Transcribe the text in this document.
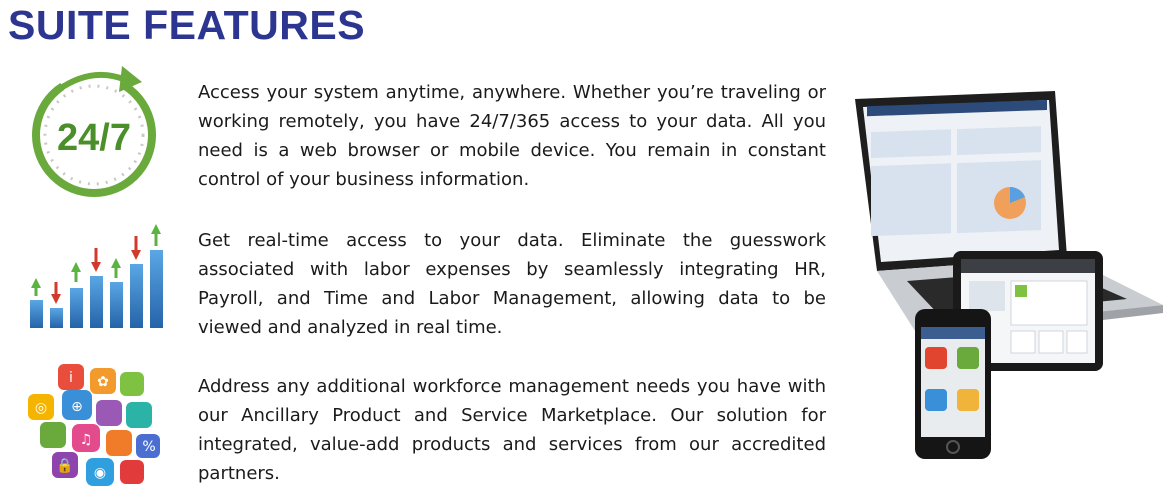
SUITE FEATURES
24/7

Access your system anytime, anywhere. Whether you’re traveling or working remotely, you have 24/7/365 access to your data. All you need is a web browser or mobile device. You remain in constant control of your business information.

Get real-time access to your data. Eliminate the guesswork associated with labor expenses by seamlessly integrating HR, Payroll, and Time and Labor Management, allowing data to be viewed and analyzed in real time.

i ✿
⊕
♫	%
🔒 ◉
◎

Address any additional workforce management needs you have with our Ancillary Product and Service Marketplace. Our solution for integrated, value-add products and services from our accredited partners.
